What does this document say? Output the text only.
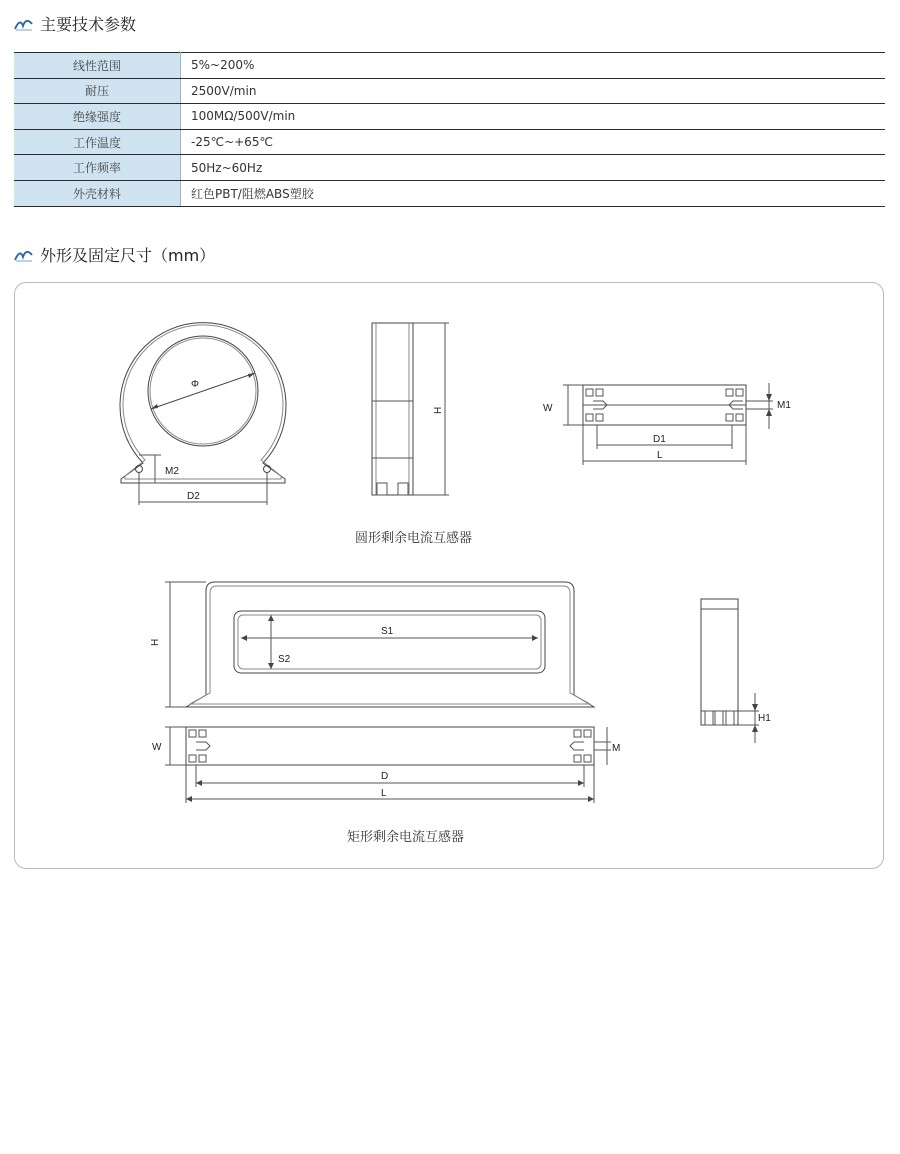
主要技术参数
线性范围	5%~200%
耐压	2500V/min
绝缘强度	100MΩ/500V/min
工作温度	-25℃~+65℃
工作频率	50Hz~60Hz
外壳材料	红色PBT/阻燃ABS塑胶
外形及固定尺寸（mm）
Φ
M2
D2
H	W	M1
D1
L
H
S1
S2
W	M
D
L
H1
圆形剩余电流互感器
矩形剩余电流互感器
